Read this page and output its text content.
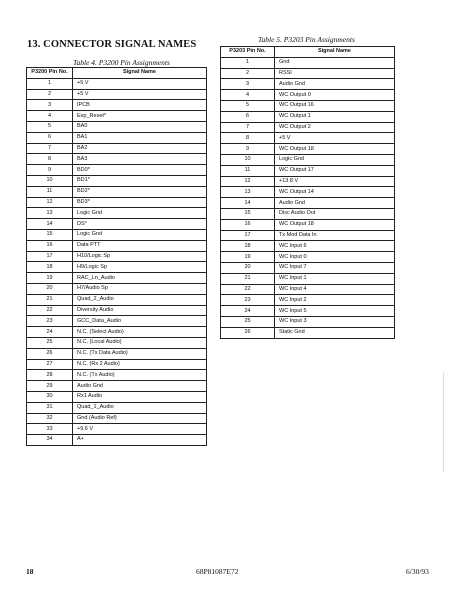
13. CONNECTOR SIGNAL NAMES
Table 4. P3200 Pin Assignments
P3200 Pin No.	Signal Name
1	+5 V
2	+5 V
3	IPCB
4	Exp_Reset*
5	BA0
6	BA1
7	BA2
8	BA3
9	BD0*
10	BD1*
11	BD2*
12	BD3*
13	Logic Gnd
14	DS*
15	Logic Gnd
16	Data PTT
17	H10/Logic Sp
18	H9/Logic Sp
19	RAC_Ln_Audio
20	H7/Audio Sp
21	Quad_2_Audio
22	Diversity Audio
23	GCC_Data_Audio
24	N.C. (Select Audio)
25	N.C. (Local Audio)
26	N.C. (Tx Data Audio)
27	N.C. (Rx 2 Audio)
28	N.C. (Tx Audio)
29	Audio Gnd
30	Rx1 Audio
31	Quad_1_Audio
32	Gnd (Audio Ref)
33	+9.6 V
34	A+
Table 5. P3203 Pin Assignments
P3203 Pin No.	Signal Name
1	Gnd
2	RSSI
3	Audio Gnd
4	WC Output 0
5	WC Output 16
6	WC Output 1
7	WC Output 2
8	+5 V
9	WC Output 18
10	Logic Gnd
11	WC Output 17
12	+13.8 V
13	WC Output 14
14	Audio Gnd
15	Disc Audio Out
16	WC Output 18
17	Tx Mod Data In
18	WC Input 6
19	WC Input 0
20	WC Input 7
21	WC Input 1
22	WC Input 4
23	WC Input 2
24	WC Input 5
25	WC Input 3
26	Static Gnd
18	68P81087E72	6/30/93
